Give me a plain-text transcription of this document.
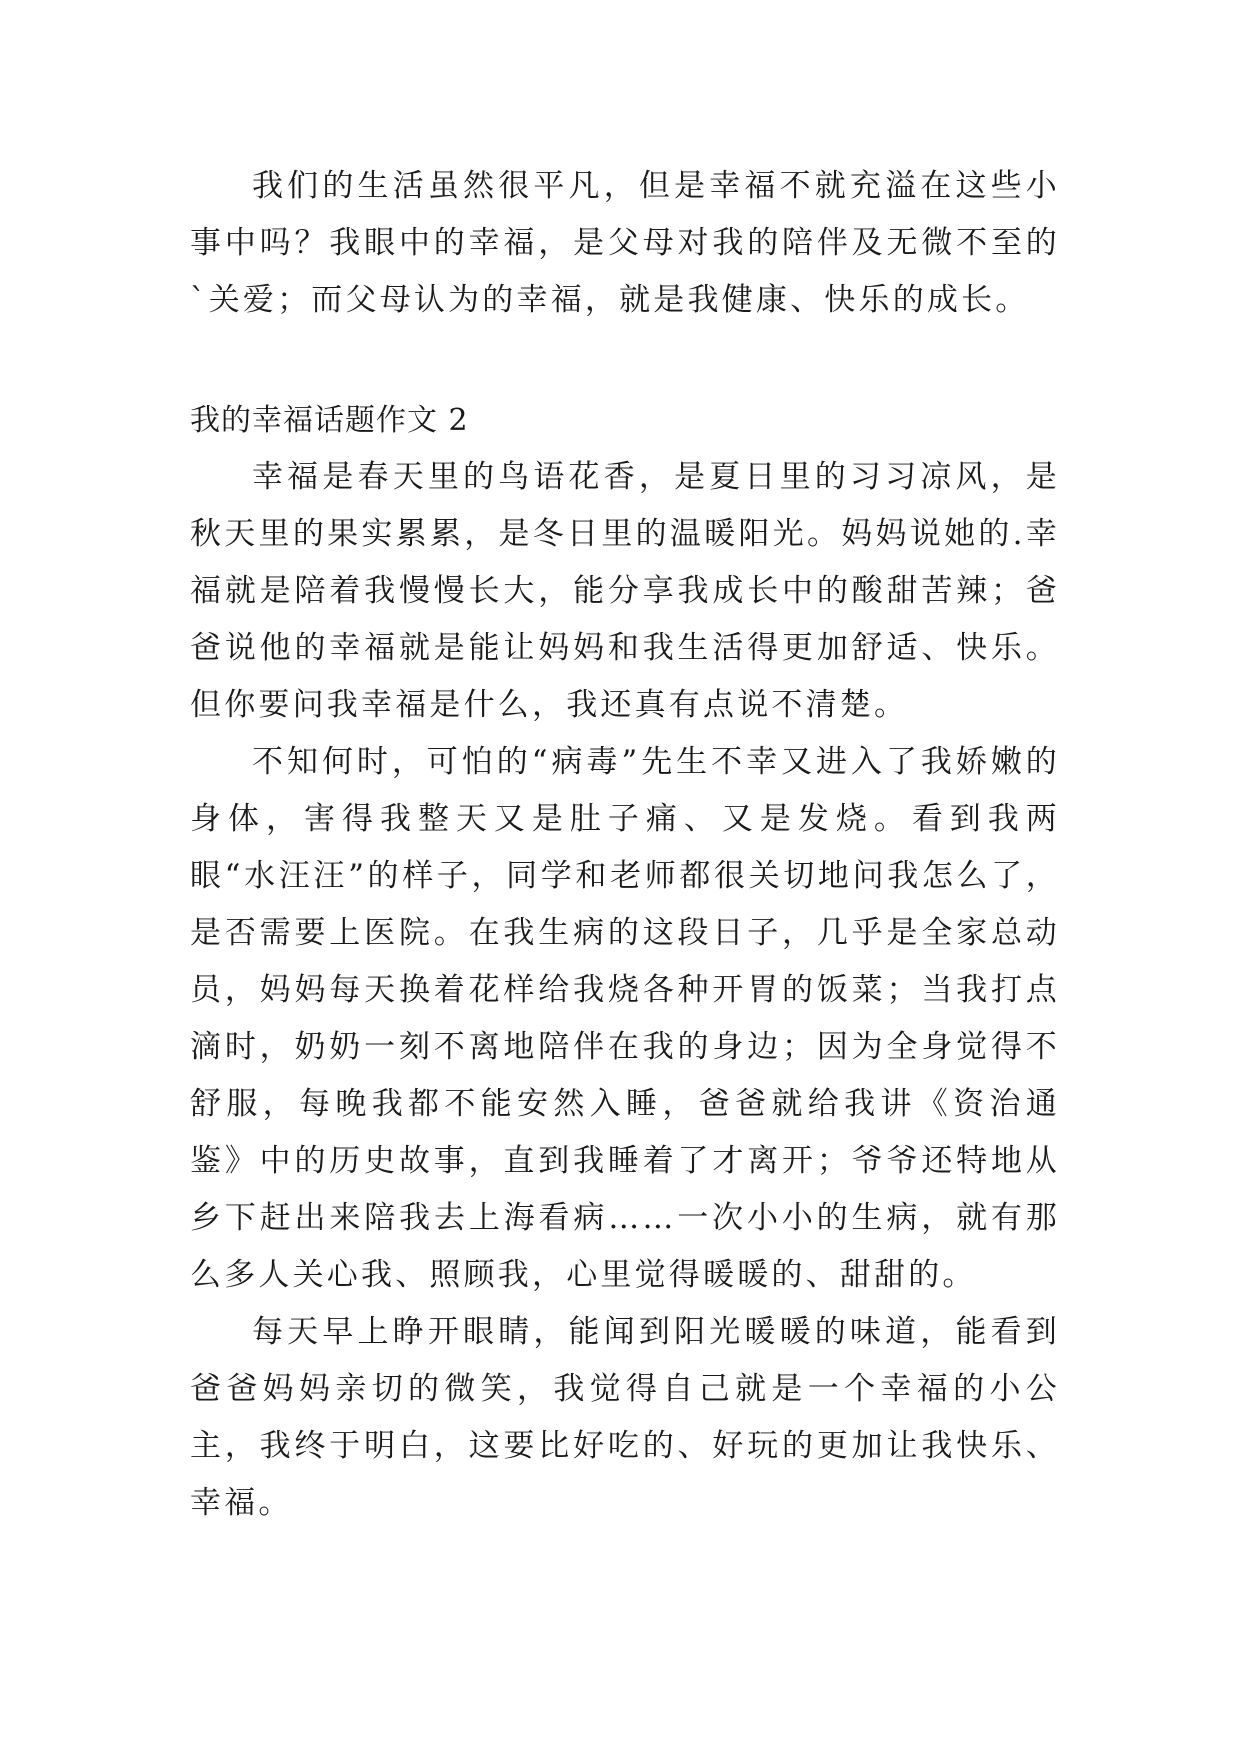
我们的生活虽然很平凡，但是幸福不就充溢在这些小事中吗？我眼中的幸福，是父母对我的陪伴及无微不至的`关爱；而父母认为的幸福，就是我健康、快乐的成长。

我的幸福话题作文 2

幸福是春天里的鸟语花香，是夏日里的习习凉风，是秋天里的果实累累，是冬日里的温暖阳光。妈妈说她的.幸福就是陪着我慢慢长大，能分享我成长中的酸甜苦辣；爸爸说他的幸福就是能让妈妈和我生活得更加舒适、快乐。但你要问我幸福是什么，我还真有点说不清楚。

不知何时，可怕的“病毒”先生不幸又进入了我娇嫩的身体，害得我整天又是肚子痛、又是发烧。看到我两眼“水汪汪”的样子，同学和老师都很关切地问我怎么了，是否需要上医院。在我生病的这段日子，几乎是全家总动员，妈妈每天换着花样给我烧各种开胃的饭菜；当我打点滴时，奶奶一刻不离地陪伴在我的身边；因为全身觉得不舒服，每晚我都不能安然入睡，爸爸就给我讲《资治通鉴》中的历史故事，直到我睡着了才离开；爷爷还特地从乡下赶出来陪我去上海看病……一次小小的生病，就有那么多人关心我、照顾我，心里觉得暖暖的、甜甜的。

每天早上睁开眼睛，能闻到阳光暖暖的味道，能看到爸爸妈妈亲切的微笑，我觉得自己就是一个幸福的小公主，我终于明白，这要比好吃的、好玩的更加让我快乐、幸福。
